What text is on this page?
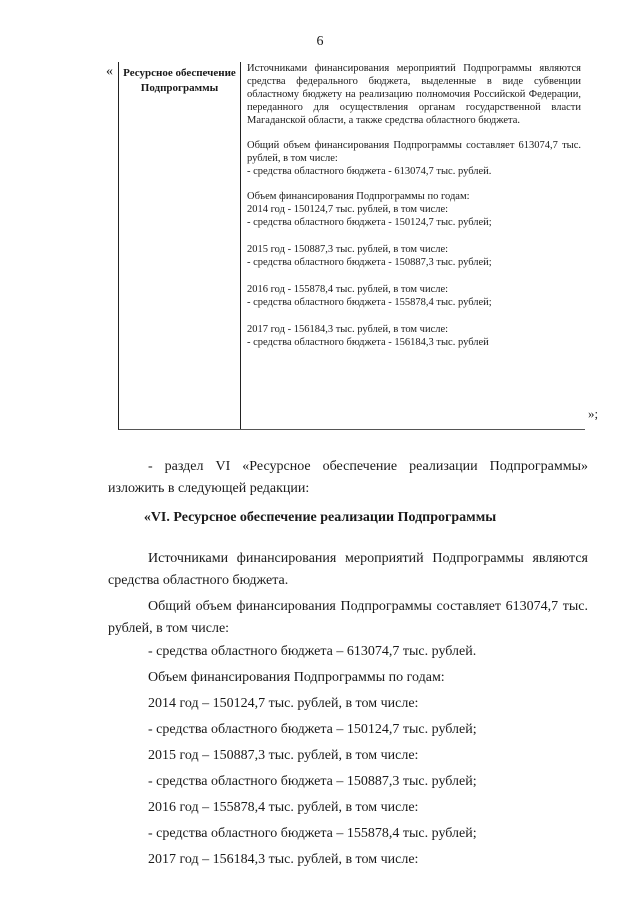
6
« Ресурсное обеспечение Подпрограммы

Источниками финансирования мероприятий Подпрограммы являются средства федерального бюджета, выделенные в виде субвенции областному бюджету на реализацию полномочия Российской Федерации, переданного для осуществления органам государственной власти Магаданской области, а также средства областного бюджета.

Общий объем финансирования Подпрограммы составляет 613074,7 тыс. рублей, в том числе:

- средства областного бюджета - 613074,7 тыс. рублей.

Объем финансирования Подпрограммы по годам:

2014 год - 150124,7 тыс. рублей, в том числе:

- средства областного бюджета - 150124,7 тыс. рублей;

2015 год - 150887,3 тыс. рублей, в том числе:

- средства областного бюджета - 150887,3 тыс. рублей;

2016 год - 155878,4 тыс. рублей, в том числе:

- средства областного бюджета - 155878,4 тыс. рублей;

2017 год - 156184,3 тыс. рублей, в том числе:

- средства областного бюджета - 156184,3 тыс. рублей

»;
- раздел VI «Ресурсное обеспечение реализации Подпрограммы» изложить в следующей редакции:
«VI. Ресурсное обеспечение реализации Подпрограммы
Источниками финансирования мероприятий Подпрограммы являются средства областного бюджета.
Общий объем финансирования Подпрограммы составляет 613074,7 тыс. рублей, в том числе:
- средства областного бюджета – 613074,7 тыс. рублей.
Объем финансирования Подпрограммы по годам:
2014 год – 150124,7 тыс. рублей, в том числе:
- средства областного бюджета – 150124,7 тыс. рублей;
2015 год – 150887,3 тыс. рублей, в том числе:
- средства областного бюджета – 150887,3 тыс. рублей;
2016 год – 155878,4 тыс. рублей, в том числе:
- средства областного бюджета – 155878,4 тыс. рублей;
2017 год – 156184,3 тыс. рублей, в том числе:
